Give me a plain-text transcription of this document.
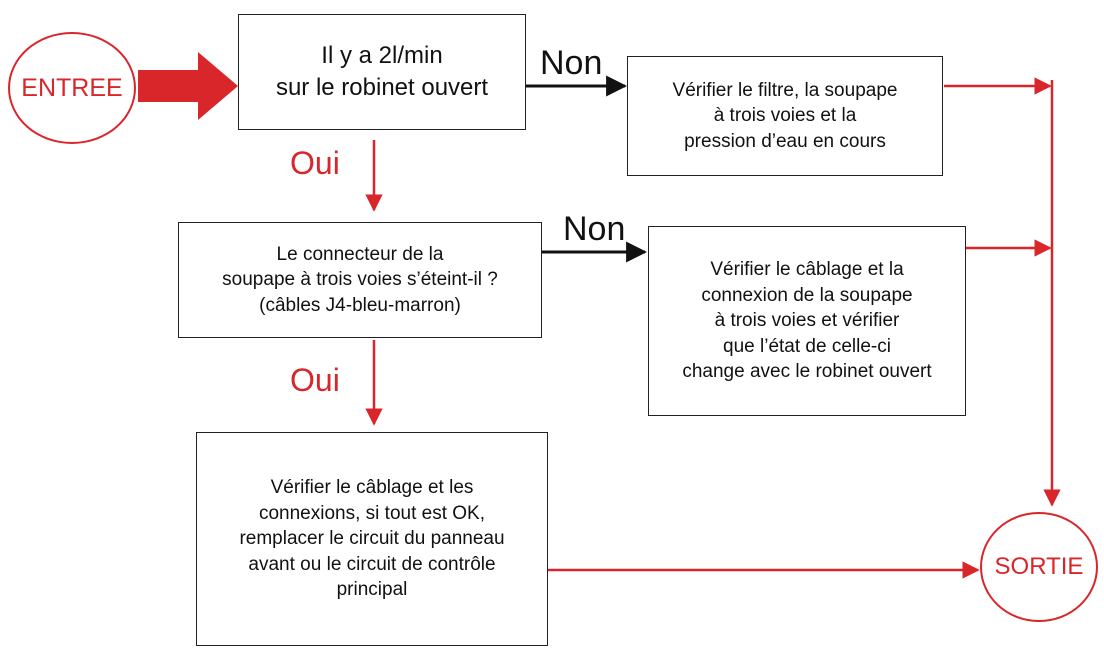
ENTREE
Il y a 2l/min
sur le robinet ouvert	Vérifier le filtre, la soupape
à trois voies et la
pression d’eau en cours
Le connecteur de la
soupape à trois voies s’éteint-il ?
(câbles J4-bleu-marron)
Vérifier le câblage et la
connexion de la soupape
à trois voies et vérifier
que l’état de celle-ci
change avec le robinet ouvert
Vérifier le câblage et les
connexions, si tout est OK,
remplacer le circuit du panneau
avant ou le circuit de contrôle
principal
SORTIE
Non
Oui
Non
Oui
